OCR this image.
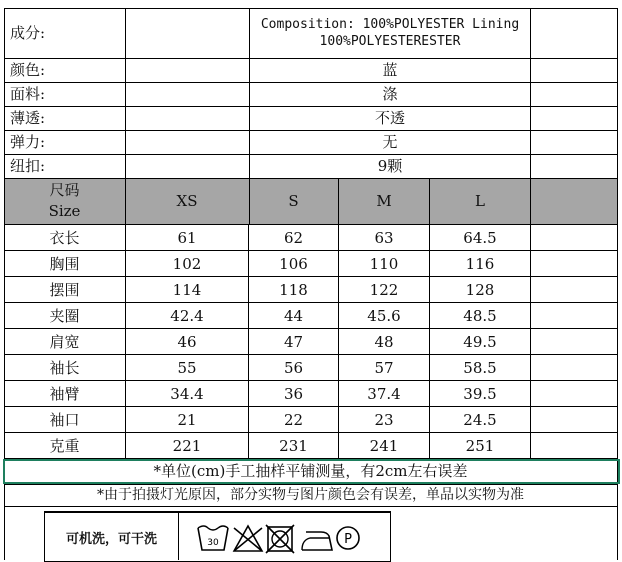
成分:	Composition: 100%POLYESTER Lining 100%POLYESTERESTER
颜色:	蓝
面料:	涤
薄透:	不透
弹力:	无
纽扣:	9颗
尺码
Size
XS	S	M	L
衣长	61	62	63	64.5
胸围	102	106	110	116
摆围	114	118	122	128
夹圈	42.4	44	45.6	48.5
肩宽	46	47	48	49.5
袖长	55	56	57	58.5
袖臂	34.4	36	37.4	39.5
袖口	21	22	23	24.5
克重	221	231	241	251
*单位(cm)手工抽样平铺测量，有2cm左右误差
*由于拍摄灯光原因，部分实物与图片颜色会有误差，单品以实物为准
可机洗，可干洗	30	P
